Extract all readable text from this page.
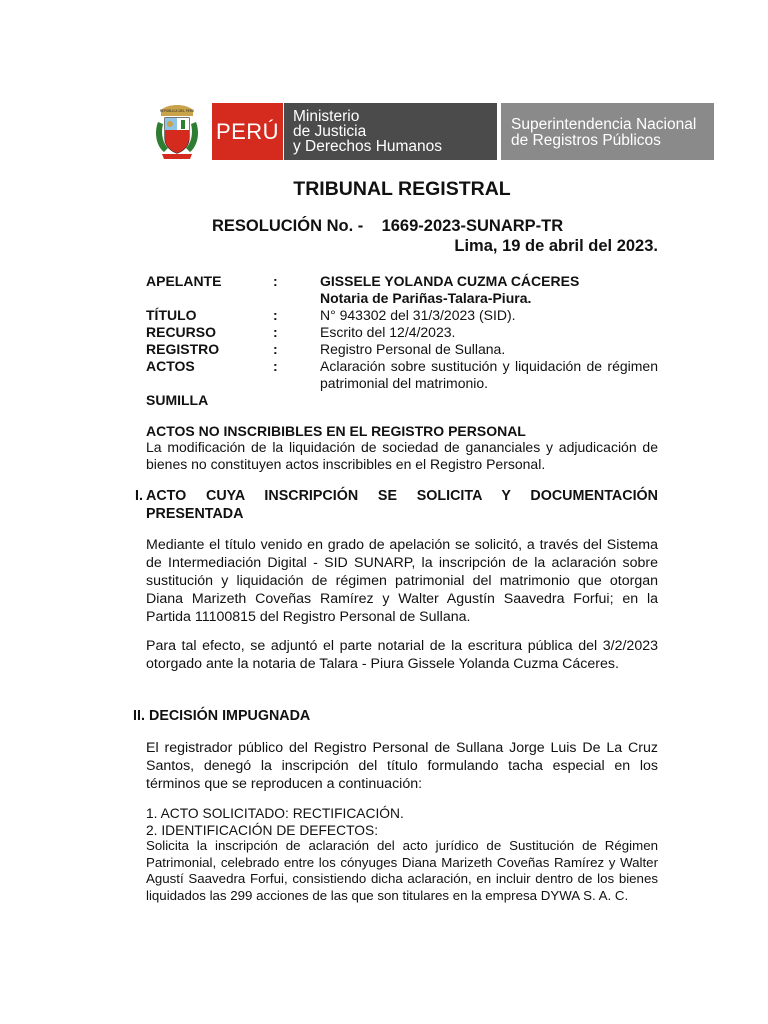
REPÚBLICA DEL PERÚ
PERÚ
Ministerio
de Justicia
y Derechos Humanos
Superintendencia Nacional
de Registros Públicos
TRIBUNAL REGISTRAL
RESOLUCIÓN No. -    1669-2023-SUNARP-TR
Lima, 19 de abril del 2023.
APELANTE	:	GISSELE YOLANDA CUZMA CÁCERES
Notaria de Pariñas-Talara-Piura.
TÍTULO	:	N° 943302 del 31/3/2023 (SID).
RECURSO	:	Escrito del 12/4/2023.
REGISTRO	:	Registro Personal de Sullana.
ACTOS	:	Aclaración sobre sustitución y liquidación de régimen patrimonial del matrimonio.
SUMILLA
ACTOS NO INSCRIBIBLES EN EL REGISTRO PERSONAL
La modificación de la liquidación de sociedad de gananciales y adjudicación de bienes no constituyen actos inscribibles en el Registro Personal.
I. ACTO CUYA INSCRIPCIÓN SE SOLICITA Y DOCUMENTACIÓN PRESENTADA
Mediante el título venido en grado de apelación se solicitó, a través del Sistema de Intermediación Digital - SID SUNARP, la inscripción de la aclaración sobre sustitución y liquidación de régimen patrimonial del matrimonio que otorgan Diana Marizeth Coveñas Ramírez y Walter Agustín Saavedra Forfui; en la Partida 11100815 del Registro Personal de Sullana.
Para tal efecto, se adjuntó el parte notarial de la escritura pública del 3/2/2023 otorgado ante la notaria de Talara - Piura Gissele Yolanda Cuzma Cáceres.
II. DECISIÓN IMPUGNADA
El registrador público del Registro Personal de Sullana Jorge Luis De La Cruz Santos, denegó la inscripción del título formulando tacha especial en los términos que se reproducen a continuación:
1. ACTO SOLICITADO: RECTIFICACIÓN.
2. IDENTIFICACIÓN DE DEFECTOS:
Solicita la inscripción de aclaración del acto jurídico de Sustitución de Régimen Patrimonial, celebrado entre los cónyuges Diana Marizeth Coveñas Ramírez y Walter Agustí Saavedra Forfui, consistiendo dicha aclaración, en incluir dentro de los bienes liquidados las 299 acciones de las que son titulares en la empresa DYWA S. A. C.
